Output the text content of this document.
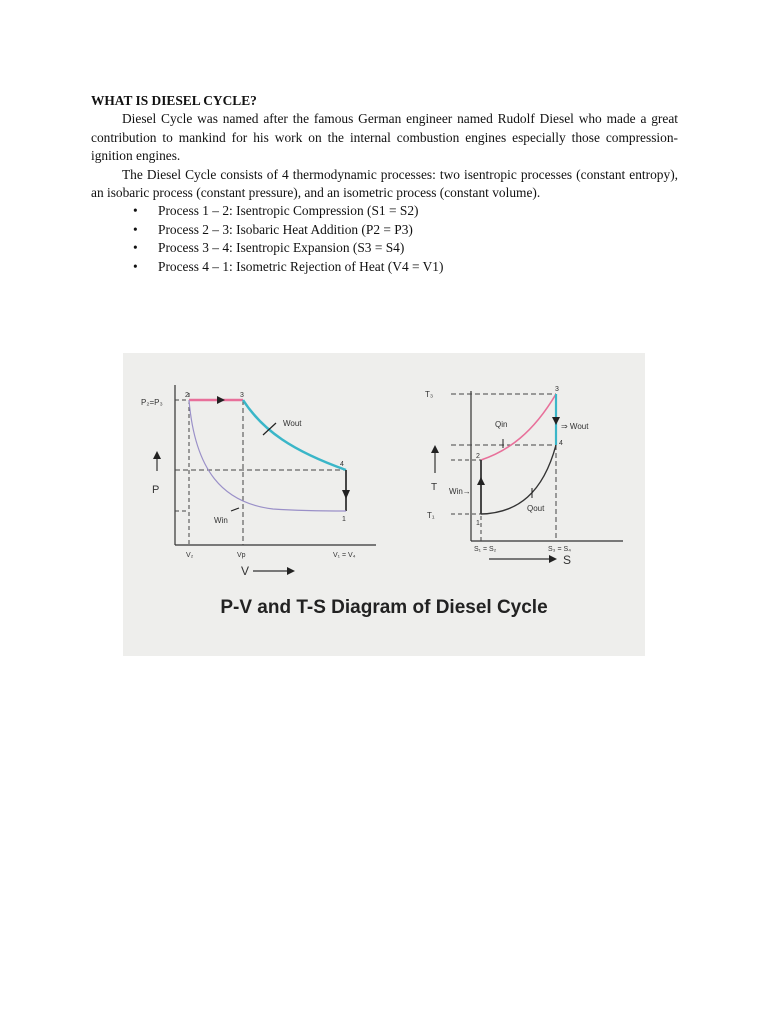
WHAT IS DIESEL CYCLE?

Diesel Cycle was named after the famous German engineer named Rudolf Diesel who made a great contribution to mankind for his work on the internal combustion engines especially those compression-ignition engines.

The Diesel Cycle consists of 4 thermodynamic processes: two isentropic processes (constant entropy), an isobaric process (constant pressure), and an isometric process (constant volume).

• Process 1 – 2: Isentropic Compression (S1 = S2)
• Process 2 – 3: Isobaric Heat Addition (P2 = P3)
• Process 3 – 4: Isentropic Expansion (S3 = S4)
• Process 4 – 1: Isometric Rejection of Heat (V4 = V1)
P₂=P₃
P
V₂	Vp	V₁ = V₄
V
Wout
Win
2	3
4
1
T₃
T₁
T
S₁ = S₂	S₃ = S₄
S
Qin
Qout
⇒ Wout
Win→
3
4
2
1
P-V and T-S Diagram of Diesel Cycle
